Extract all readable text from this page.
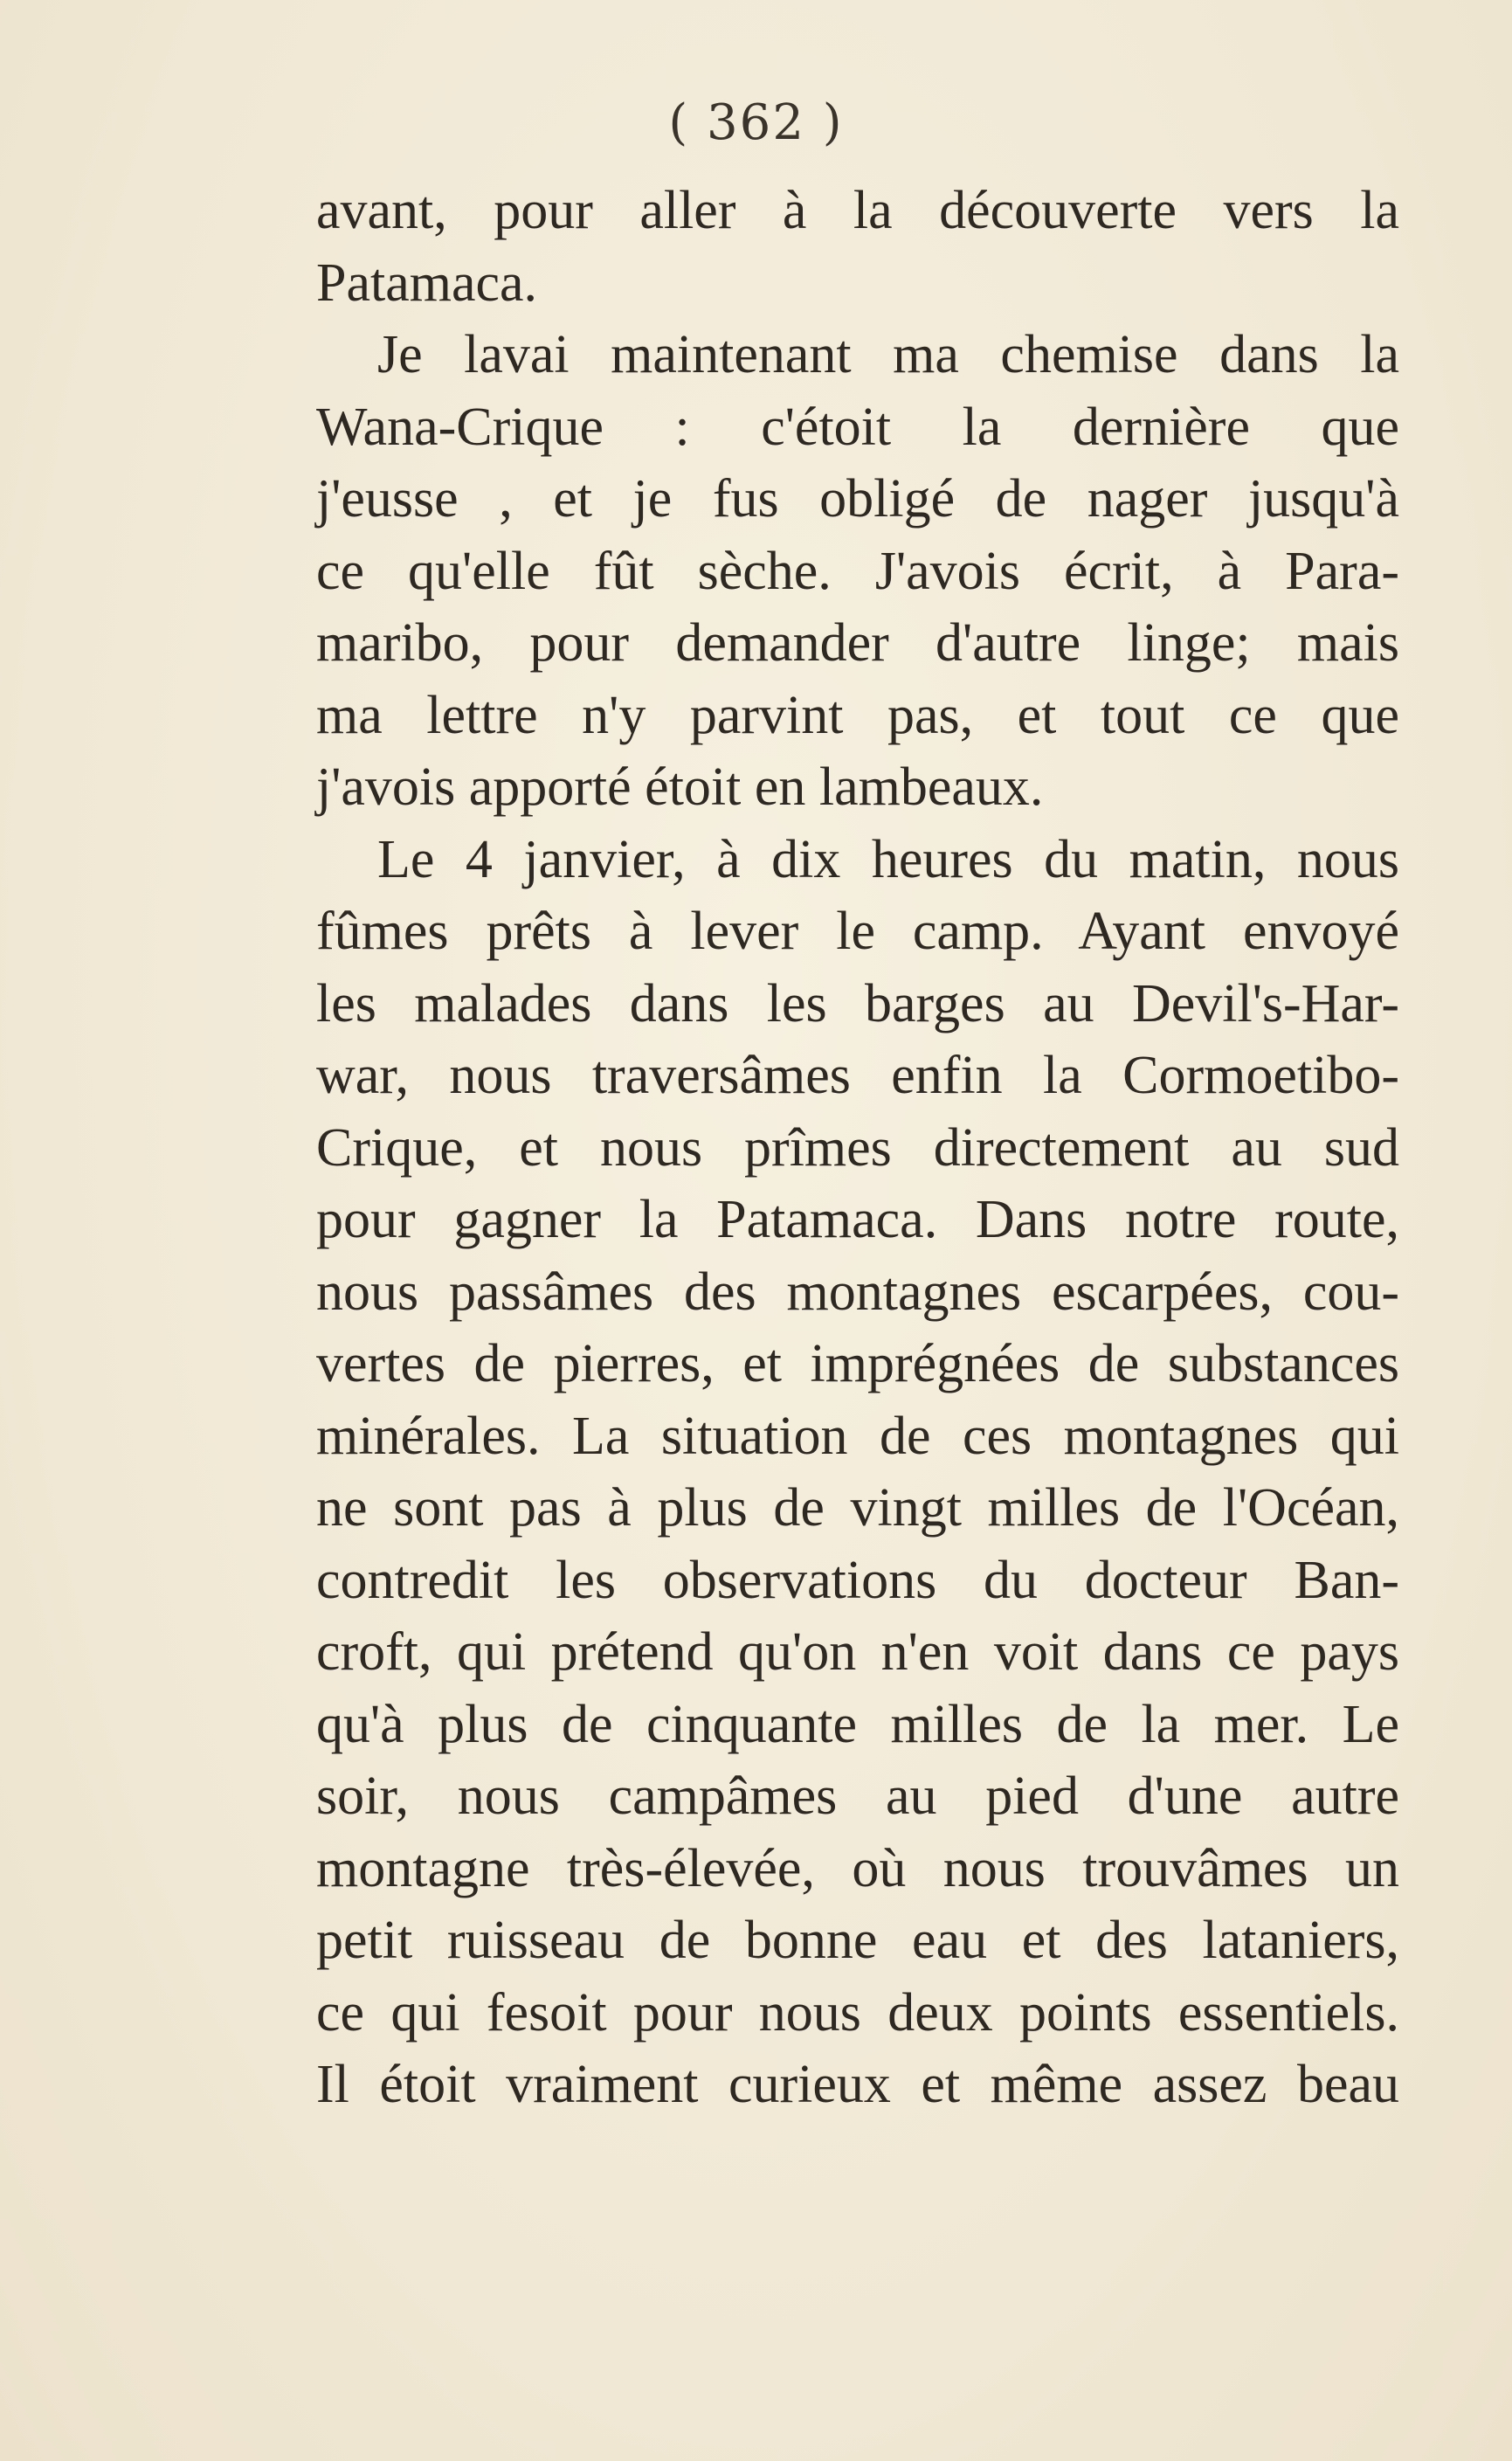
( 362 )
avant, pour aller à la découverte vers la
Patamaca.
Je lavai maintenant ma chemise dans la
Wana-Crique : c'étoit la dernière que
j'eusse , et je fus obligé de nager jusqu'à
ce qu'elle fût sèche. J'avois écrit, à Para-
maribo, pour demander d'autre linge; mais
ma lettre n'y parvint pas, et tout ce que
j'avois apporté étoit en lambeaux.
Le 4 janvier, à dix heures du matin, nous
fûmes prêts à lever le camp. Ayant envoyé
les malades dans les barges au Devil's-Har-
war, nous traversâmes enfin la Cormoetibo-
Crique, et nous prîmes directement au sud
pour gagner la Patamaca. Dans notre route,
nous passâmes des montagnes escarpées, cou-
vertes de pierres, et imprégnées de substances
minérales. La situation de ces montagnes qui
ne sont pas à plus de vingt milles de l'Océan,
contredit les observations du docteur Ban-
croft, qui prétend qu'on n'en voit dans ce pays
qu'à plus de cinquante milles de la mer. Le
soir, nous campâmes au pied d'une autre
montagne très-élevée, où nous trouvâmes un
petit ruisseau de bonne eau et des lataniers,
ce qui fesoit pour nous deux points essentiels.
Il étoit vraiment curieux et même assez beau
